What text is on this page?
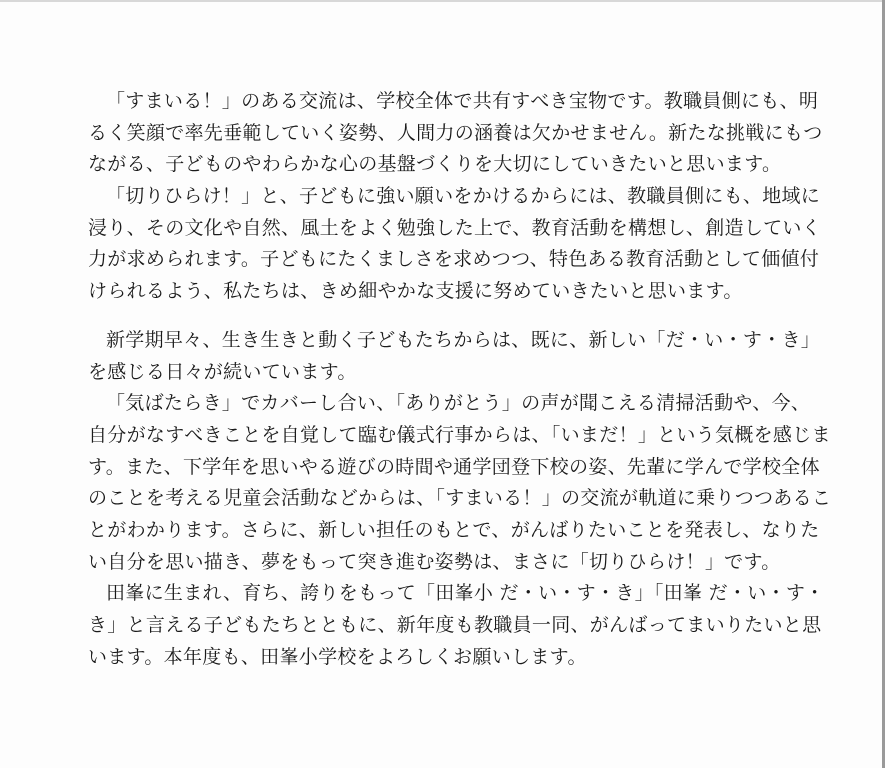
「すまいる！」のある交流は、学校全体で共有すべき宝物です。教職員側にも、明

るく笑顔で率先垂範していく姿勢、人間力の涵養は欠かせません。新たな挑戦にもつ

ながる、子どものやわらかな心の基盤づくりを大切にしていきたいと思います。

「切りひらけ！」と、子どもに強い願いをかけるからには、教職員側にも、地域に

浸り、その文化や自然、風土をよく勉強した上で、教育活動を構想し、創造していく

力が求められます。子どもにたくましさを求めつつ、特色ある教育活動として価値付

けられるよう、私たちは、きめ細やかな支援に努めていきたいと思います。

新学期早々、生き生きと動く子どもたちからは、既に、新しい「だ・い・す・き」

を感じる日々が続いています。

「気ばたらき」でカバーし合い、「ありがとう」の声が聞こえる清掃活動や、今、

自分がなすべきことを自覚して臨む儀式行事からは、「いまだ！」という気概を感じま

す。また、下学年を思いやる遊びの時間や通学団登下校の姿、先輩に学んで学校全体

のことを考える児童会活動などからは、「すまいる！」の交流が軌道に乗りつつあるこ

とがわかります。さらに、新しい担任のもとで、がんばりたいことを発表し、なりた

い自分を思い描き、夢をもって突き進む姿勢は、まさに「切りひらけ！」です。

田峯に生まれ、育ち、誇りをもって「田峯小 だ・い・す・き」「田峯 だ・い・す・

き」と言える子どもたちとともに、新年度も教職員一同、がんばってまいりたいと思

います。本年度も、田峯小学校をよろしくお願いします。
